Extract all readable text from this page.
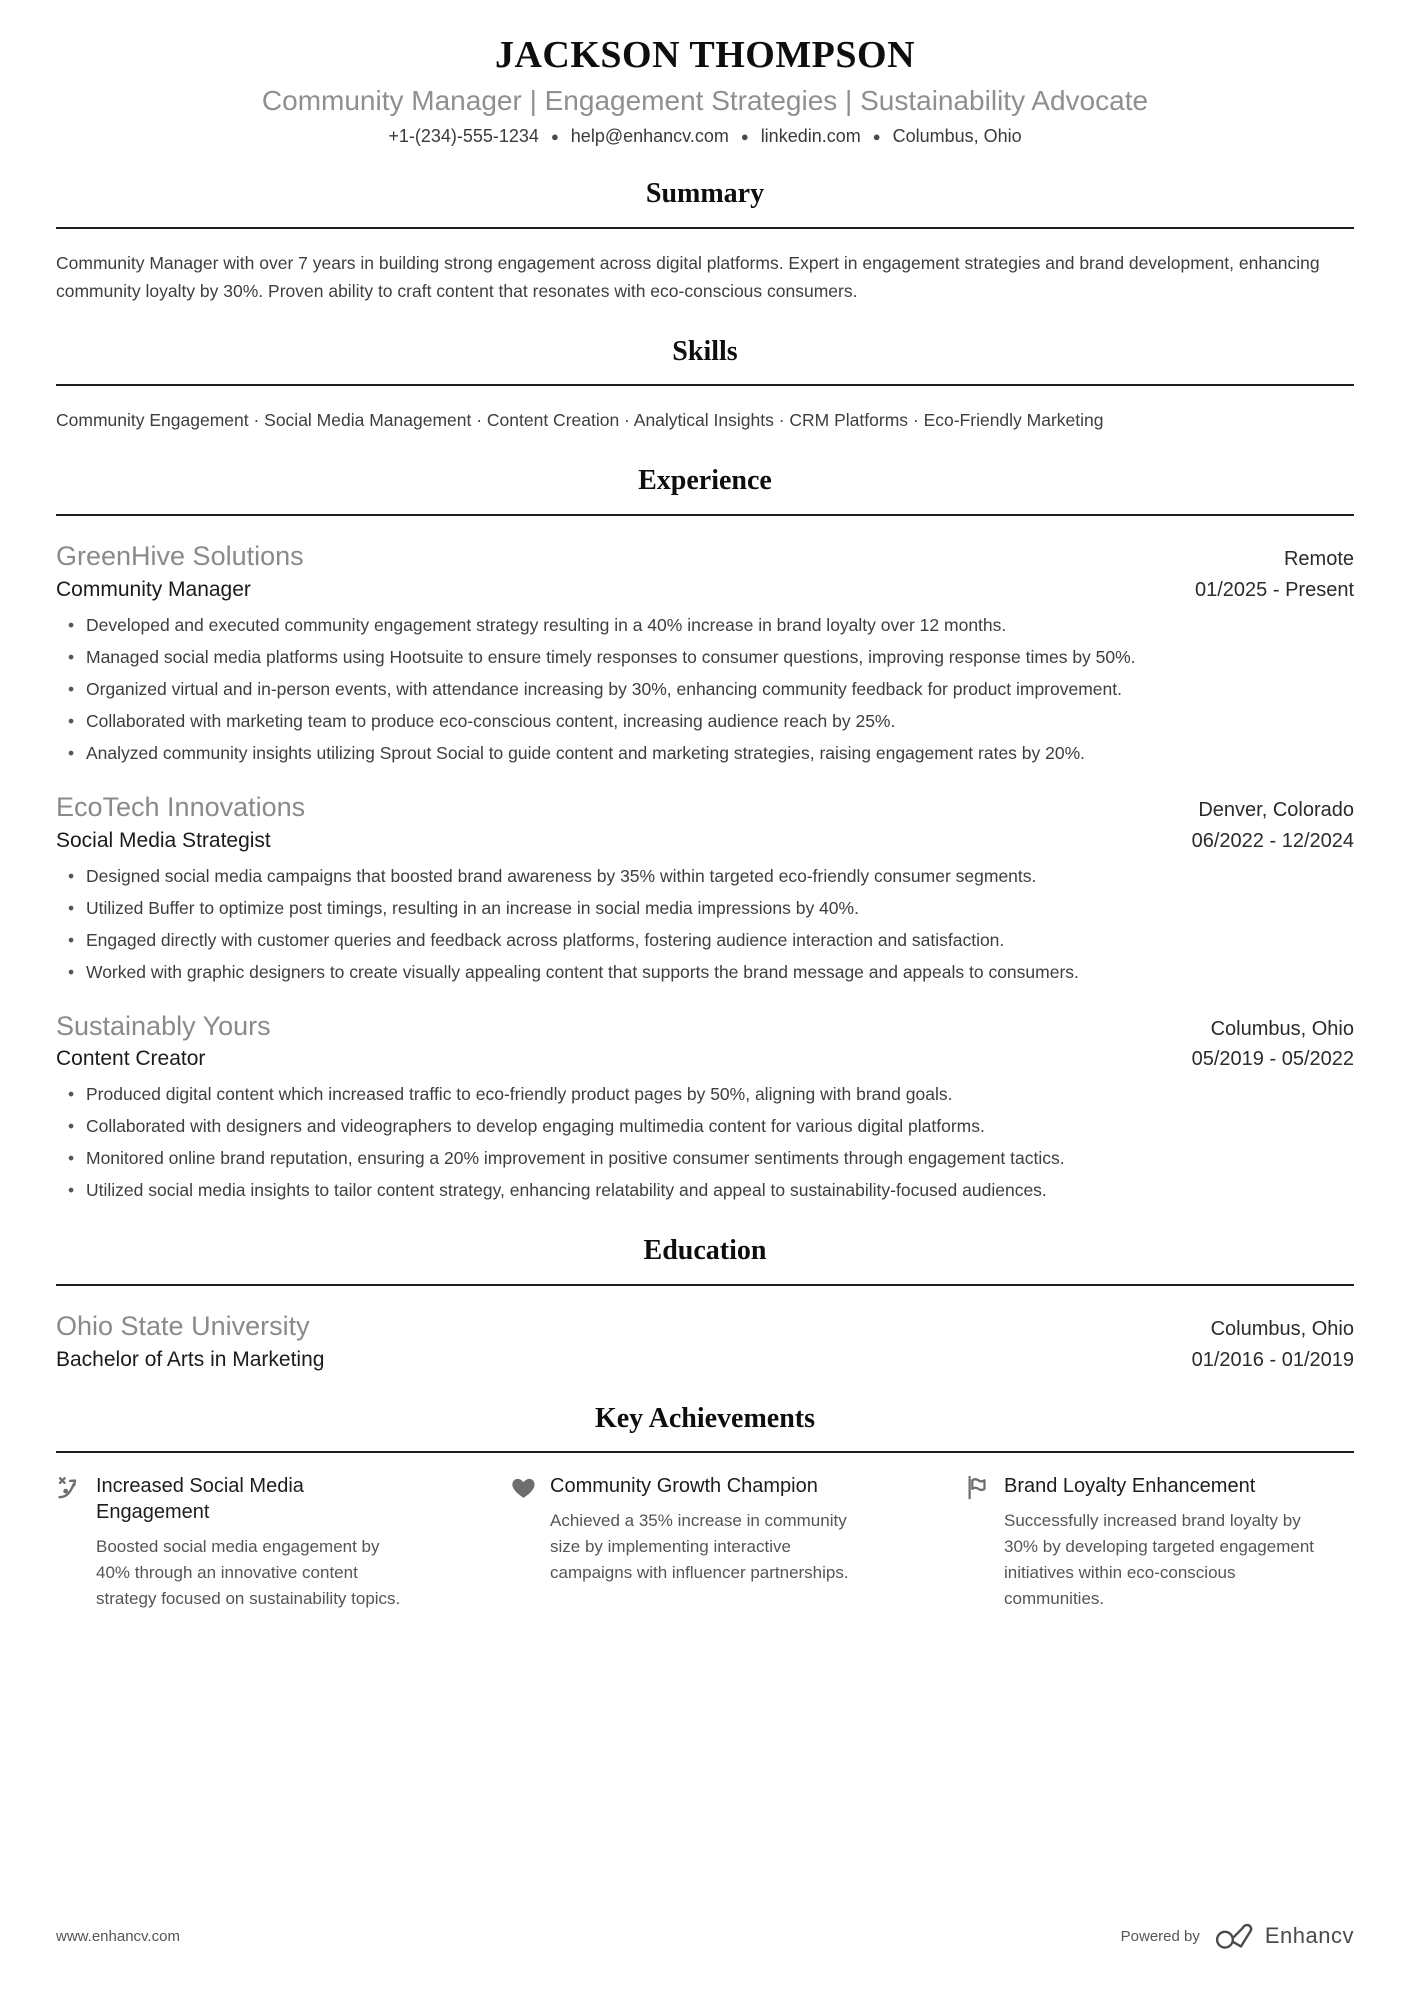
JACKSON THOMPSON
Community Manager | Engagement Strategies | Sustainability Advocate
+1-(234)-555-1234 ● help@enhancv.com ● linkedin.com ● Columbus, Ohio
Summary

Community Manager with over 7 years in building strong engagement across digital platforms. Expert in engagement strategies and brand development, enhancing community loyalty by 30%. Proven ability to craft content that resonates with eco-conscious consumers.

Skills

Community Engagement · Social Media Management · Content Creation · Analytical Insights · CRM Platforms · Eco-Friendly Marketing

Experience
GreenHive Solutions	Remote
Community Manager	01/2025 - Present
• Developed and executed community engagement strategy resulting in a 40% increase in brand loyalty over 12 months.
• Managed social media platforms using Hootsuite to ensure timely responses to consumer questions, improving response times by 50%.
• Organized virtual and in-person events, with attendance increasing by 30%, enhancing community feedback for product improvement.
• Collaborated with marketing team to produce eco-conscious content, increasing audience reach by 25%.
• Analyzed community insights utilizing Sprout Social to guide content and marketing strategies, raising engagement rates by 20%.
EcoTech Innovations	Denver, Colorado
Social Media Strategist	06/2022 - 12/2024
• Designed social media campaigns that boosted brand awareness by 35% within targeted eco-friendly consumer segments.
• Utilized Buffer to optimize post timings, resulting in an increase in social media impressions by 40%.
• Engaged directly with customer queries and feedback across platforms, fostering audience interaction and satisfaction.
• Worked with graphic designers to create visually appealing content that supports the brand message and appeals to consumers.
Sustainably Yours	Columbus, Ohio
Content Creator	05/2019 - 05/2022
• Produced digital content which increased traffic to eco-friendly product pages by 50%, aligning with brand goals.
• Collaborated with designers and videographers to develop engaging multimedia content for various digital platforms.
• Monitored online brand reputation, ensuring a 20% improvement in positive consumer sentiments through engagement tactics.
• Utilized social media insights to tailor content strategy, enhancing relatability and appeal to sustainability-focused audiences.
Education
Ohio State University	Columbus, Ohio
Bachelor of Arts in Marketing	01/2016 - 01/2019
Key Achievements
Increased Social Media Engagement
Boosted social media engagement by 40% through an innovative content strategy focused on sustainability topics.
Community Growth Champion
Achieved a 35% increase in community size by implementing interactive campaigns with influencer partnerships.
Brand Loyalty Enhancement
Successfully increased brand loyalty by 30% by developing targeted engagement initiatives within eco-conscious communities.
www.enhancv.com	Powered by	Enhancv
